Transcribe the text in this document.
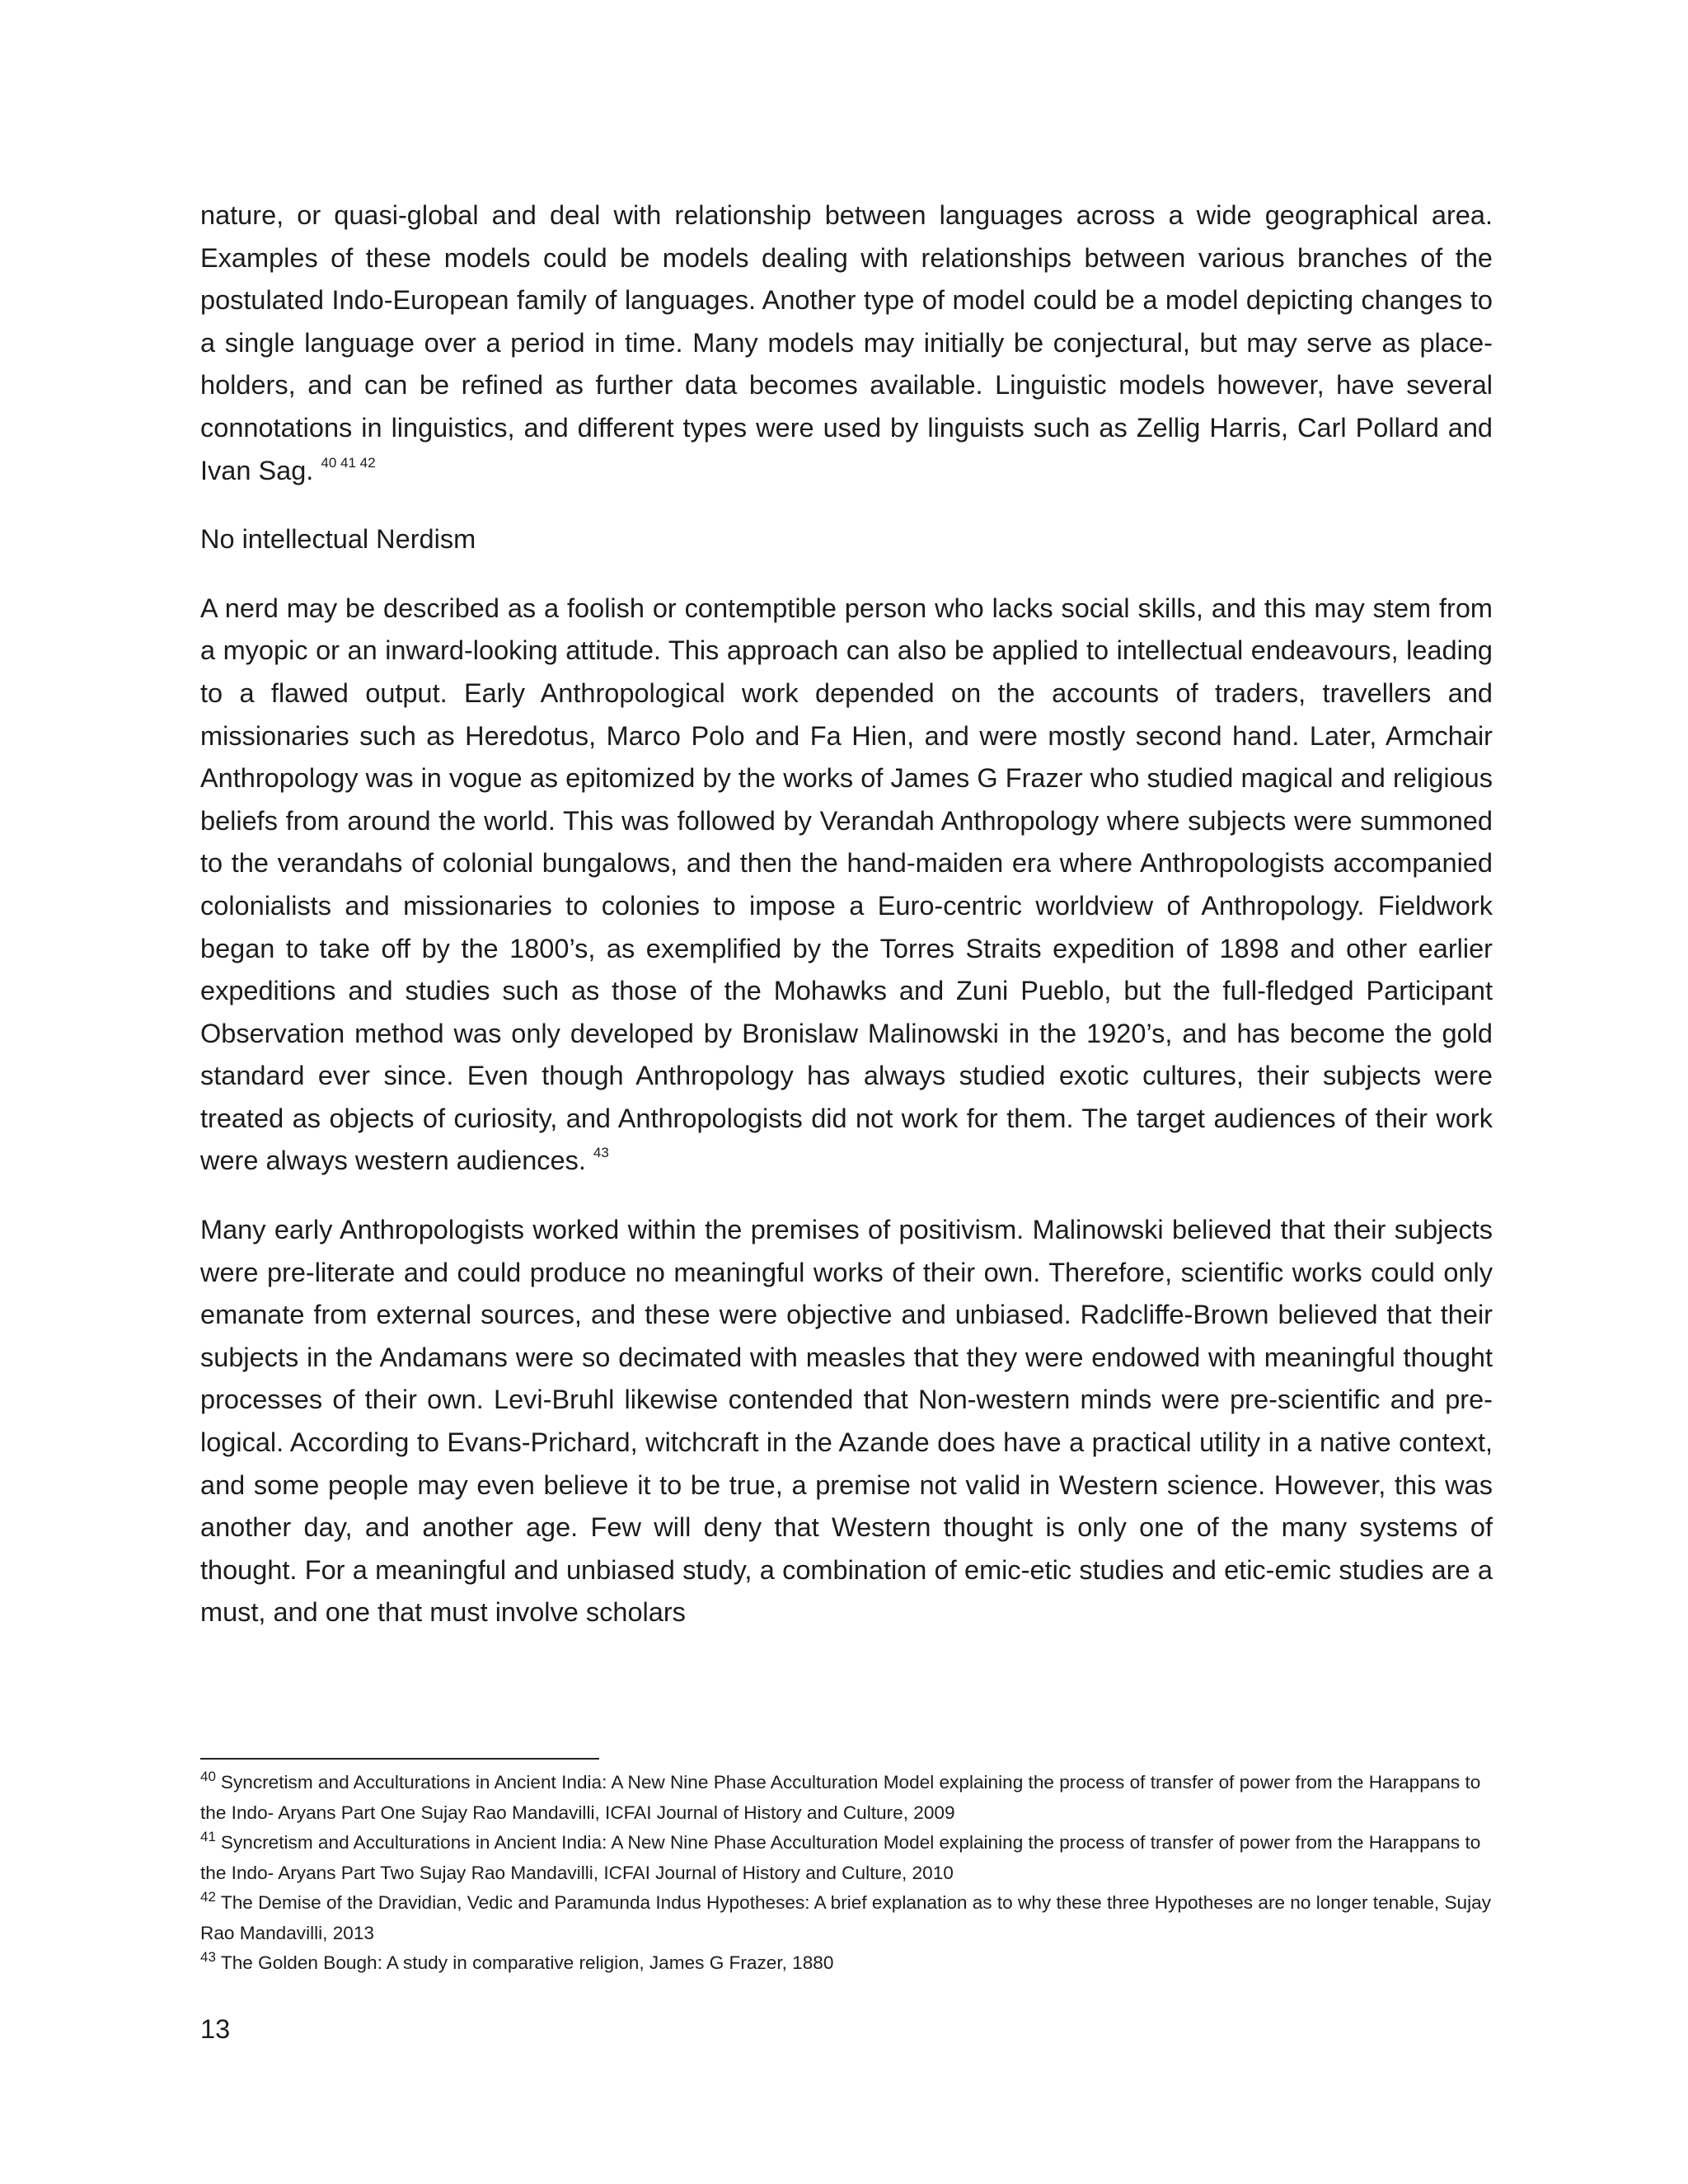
nature, or quasi-global and deal with relationship between languages across a wide geographical area. Examples of these models could be models dealing with relationships between various branches of the postulated Indo-European family of languages. Another type of model could be a model depicting changes to a single language over a period in time. Many models may initially be conjectural, but may serve as place-holders, and can be refined as further data becomes available. Linguistic models however, have several connotations in linguistics, and different types were used by linguists such as Zellig Harris, Carl Pollard and Ivan Sag. $^{40 41 42}$

No intellectual Nerdism

A nerd may be described as a foolish or contemptible person who lacks social skills, and this may stem from a myopic or an inward-looking attitude. This approach can also be applied to intellectual endeavours, leading to a flawed output. Early Anthropological work depended on the accounts of traders, travellers and missionaries such as Heredotus, Marco Polo and Fa Hien, and were mostly second hand. Later, Armchair Anthropology was in vogue as epitomized by the works of James G Frazer who studied magical and religious beliefs from around the world. This was followed by Verandah Anthropology where subjects were summoned to the verandahs of colonial bungalows, and then the hand-maiden era where Anthropologists accompanied colonialists and missionaries to colonies to impose a Euro-centric worldview of Anthropology. Fieldwork began to take off by the 1800’s, as exemplified by the Torres Straits expedition of 1898 and other earlier expeditions and studies such as those of the Mohawks and Zuni Pueblo, but the full-fledged Participant Observation method was only developed by Bronislaw Malinowski in the 1920’s, and has become the gold standard ever since. Even though Anthropology has always studied exotic cultures, their subjects were treated as objects of curiosity, and Anthropologists did not work for them. The target audiences of their work were always western audiences. $^{43}$

Many early Anthropologists worked within the premises of positivism. Malinowski believed that their subjects were pre-literate and could produce no meaningful works of their own. Therefore, scientific works could only emanate from external sources, and these were objective and unbiased. Radcliffe-Brown believed that their subjects in the Andamans were so decimated with measles that they were endowed with meaningful thought processes of their own. Levi-Bruhl likewise contended that Non-western minds were pre-scientific and pre-logical. According to Evans-Prichard, witchcraft in the Azande does have a practical utility in a native context, and some people may even believe it to be true, a premise not valid in Western science. However, this was another day, and another age. Few will deny that Western thought is only one of the many systems of thought. For a meaningful and unbiased study, a combination of emic-etic studies and etic-emic studies are a must, and one that must involve scholars

$^{40}$ Syncretism and Acculturations in Ancient India: A New Nine Phase Acculturation Model explaining the process of transfer of power from the Harappans to the Indo- Aryans Part One Sujay Rao Mandavilli, ICFAI Journal of History and Culture, 2009

$^{41}$ Syncretism and Acculturations in Ancient India: A New Nine Phase Acculturation Model explaining the process of transfer of power from the Harappans to the Indo- Aryans Part Two Sujay Rao Mandavilli, ICFAI Journal of History and Culture, 2010

$^{42}$ The Demise of the Dravidian, Vedic and Paramunda Indus Hypotheses: A brief explanation as to why these three Hypotheses are no longer tenable, Sujay Rao Mandavilli, 2013

$^{43}$ The Golden Bough: A study in comparative religion, James G Frazer, 1880

13
